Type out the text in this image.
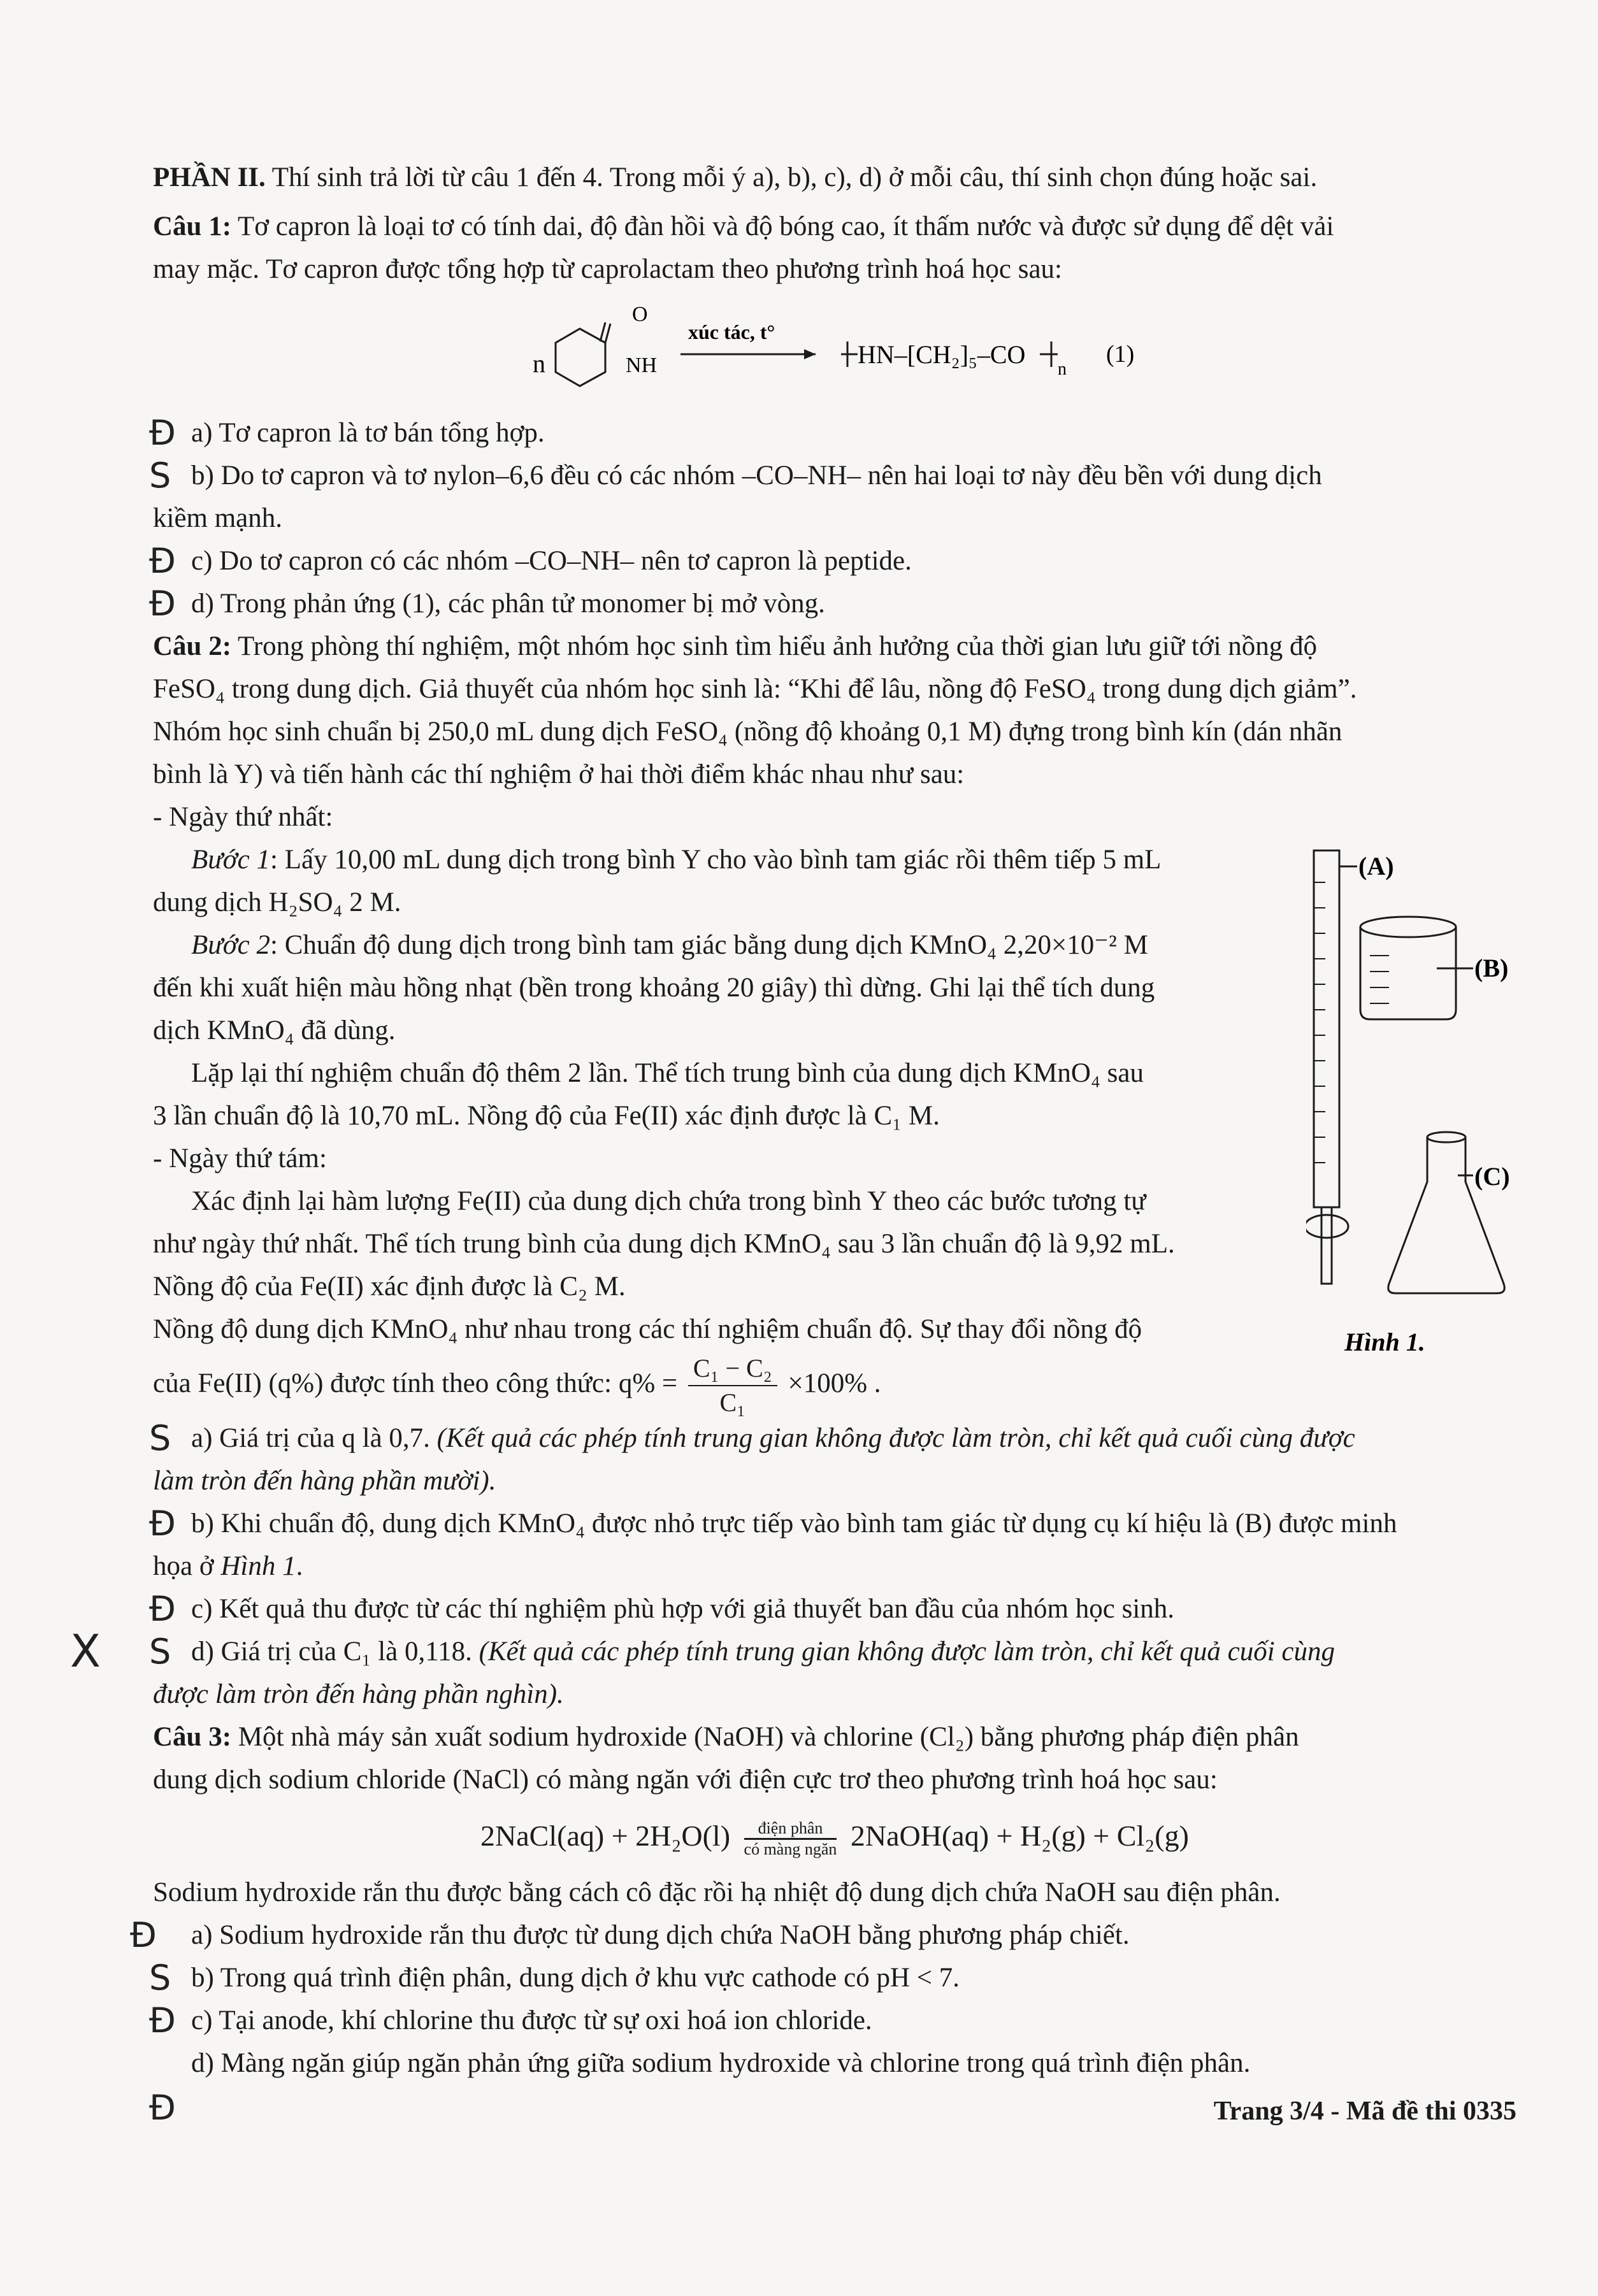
PHẦN II. Thí sinh trả lời từ câu 1 đến 4. Trong mỗi ý a), b), c), d) ở mỗi câu, thí sinh chọn đúng hoặc sai.

Câu 1: Tơ capron là loại tơ có tính dai, độ đàn hồi và độ bóng cao, ít thấm nước và được sử dụng để dệt vải

may mặc. Tơ capron được tổng hợp từ caprolactam theo phương trình hoá học sau:

n
O
NH
xúc tác, t°
HN–[CH₂]₅–CO
n
(1)

Đ a) Tơ capron là tơ bán tổng hợp.

S b) Do tơ capron và tơ nylon–6,6 đều có các nhóm –CO–NH– nên hai loại tơ này đều bền với dung dịch

kiềm mạnh.

Đ c) Do tơ capron có các nhóm –CO–NH– nên tơ capron là peptide.

Đ d) Trong phản ứng (1), các phân tử monomer bị mở vòng.

Câu 2: Trong phòng thí nghiệm, một nhóm học sinh tìm hiểu ảnh hưởng của thời gian lưu giữ tới nồng độ

FeSO₄ trong dung dịch. Giả thuyết của nhóm học sinh là: “Khi để lâu, nồng độ FeSO₄ trong dung dịch giảm”.

Nhóm học sinh chuẩn bị 250,0 mL dung dịch FeSO₄ (nồng độ khoảng 0,1 M) đựng trong bình kín (dán nhãn

bình là Y) và tiến hành các thí nghiệm ở hai thời điểm khác nhau như sau:

- Ngày thứ nhất:

Bước 1: Lấy 10,00 mL dung dịch trong bình Y cho vào bình tam giác rồi thêm tiếp 5 mL

dung dịch H₂SO₄ 2 M.

Bước 2: Chuẩn độ dung dịch trong bình tam giác bằng dung dịch KMnO₄ 2,20×10⁻² M

đến khi xuất hiện màu hồng nhạt (bền trong khoảng 20 giây) thì dừng. Ghi lại thể tích dung

dịch KMnO₄ đã dùng.

Lặp lại thí nghiệm chuẩn độ thêm 2 lần. Thể tích trung bình của dung dịch KMnO₄ sau

3 lần chuẩn độ là 10,70 mL. Nồng độ của Fe(II) xác định được là C₁ M.

- Ngày thứ tám:

Xác định lại hàm lượng Fe(II) của dung dịch chứa trong bình Y theo các bước tương tự

như ngày thứ nhất. Thể tích trung bình của dung dịch KMnO₄ sau 3 lần chuẩn độ là 9,92 mL.

Nồng độ của Fe(II) xác định được là C₂ M.

Nồng độ dung dịch KMnO₄ như nhau trong các thí nghiệm chuẩn độ. Sự thay đổi nồng độ

của Fe(II) (q%) được tính theo công thức: $q\% = \frac{\text{C₁ − C₂}}{\text{C₁}} \times 100\%$ .

S a) Giá trị của q là 0,7. (Kết quả các phép tính trung gian không được làm tròn, chỉ kết quả cuối cùng được

làm tròn đến hàng phần mười).

Đ b) Khi chuẩn độ, dung dịch KMnO₄ được nhỏ trực tiếp vào bình tam giác từ dụng cụ kí hiệu là (B) được minh

họa ở Hình 1.

Đ c) Kết quả thu được từ các thí nghiệm phù hợp với giả thuyết ban đầu của nhóm học sinh.

X S d) Giá trị của C₁ là 0,118. (Kết quả các phép tính trung gian không được làm tròn, chỉ kết quả cuối cùng

được làm tròn đến hàng phần nghìn).

Câu 3: Một nhà máy sản xuất sodium hydroxide (NaOH) và chlorine (Cl₂) bằng phương pháp điện phân

dung dịch sodium chloride (NaCl) có màng ngăn với điện cực trơ theo phương trình hoá học sau:

2NaCl(aq) + 2H₂O(l)	điện phân
có màng ngăn 2NaOH(aq) + H₂(g) + Cl₂(g)

Sodium hydroxide rắn thu được bằng cách cô đặc rồi hạ nhiệt độ dung dịch chứa NaOH sau điện phân.

Đ a) Sodium hydroxide rắn thu được từ dung dịch chứa NaOH bằng phương pháp chiết.

S b) Trong quá trình điện phân, dung dịch ở khu vực cathode có pH < 7.

Đ c) Tại anode, khí chlorine thu được từ sự oxi hoá ion chloride.

Đ
d) Màng ngăn giúp ngăn phản ứng giữa sodium hydroxide và chlorine trong quá trình điện phân.

(A)
(B)
(C)
Hình 1.
Trang 3/4 - Mã đề thi 0335
